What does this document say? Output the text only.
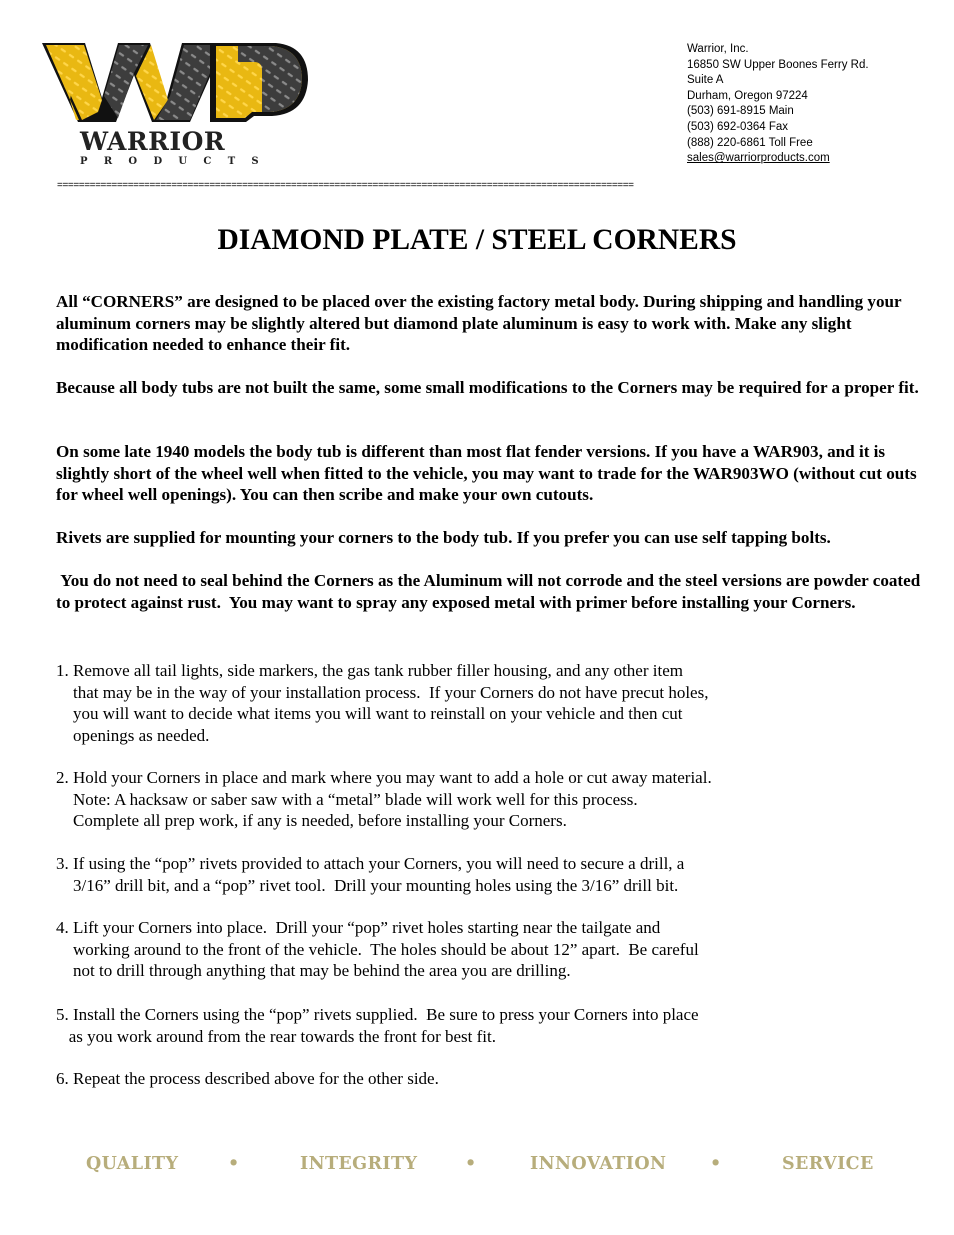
WARRIOR
PRODUCTS
Warrior, Inc.
16850 SW Upper Boones Ferry Rd.
Suite A
Durham, Oregon 97224
(503) 691-8915 Main
(503) 692-0364 Fax
(888) 220-6861 Toll Free
sales@warriorproducts.com
==========================================================================================================
DIAMOND PLATE / STEEL CORNERS
All “CORNERS” are designed to be placed over the existing factory metal body. During shipping and handling your aluminum corners may be slightly altered but diamond plate aluminum is easy to work with. Make any slight modification needed to enhance their fit.
Because all body tubs are not built the same, some small modifications to the Corners may be required for a proper fit.
On some late 1940 models the body tub is different than most flat fender versions. If you have a WAR903, and it is slightly short of the wheel well when fitted to the vehicle, you may want to trade for the WAR903WO (without cut outs for wheel well openings). You can then scribe and make your own cutouts.
Rivets are supplied for mounting your corners to the body tub. If you prefer you can use self tapping bolts.
You do not need to seal behind the Corners as the Aluminum will not corrode and the steel versions are powder coated to protect against rust.  You may want to spray any exposed metal with primer before installing your Corners.
1. Remove all tail lights, side markers, the gas tank rubber filler housing, and any other item
that may be in the way of your installation process.  If your Corners do not have precut holes,
you will want to decide what items you will want to reinstall on your vehicle and then cut
openings as needed.
2. Hold your Corners in place and mark where you may want to add a hole or cut away material.
Note: A hacksaw or saber saw with a “metal” blade will work well for this process.
Complete all prep work, if any is needed, before installing your Corners.
3. If using the “pop” rivets provided to attach your Corners, you will need to secure a drill, a
3/16” drill bit, and a “pop” rivet tool.  Drill your mounting holes using the 3/16” drill bit.
4. Lift your Corners into place.  Drill your “pop” rivet holes starting near the tailgate and
working around to the front of the vehicle.  The holes should be about 12” apart.  Be careful
not to drill through anything that may be behind the area you are drilling.
5. Install the Corners using the “pop” rivets supplied.  Be sure to press your Corners into place
as you work around from the rear towards the front for best fit.
6. Repeat the process described above for the other side.
QUALITY	•	INTEGRITY	•	INNOVATION •	SERVICE
